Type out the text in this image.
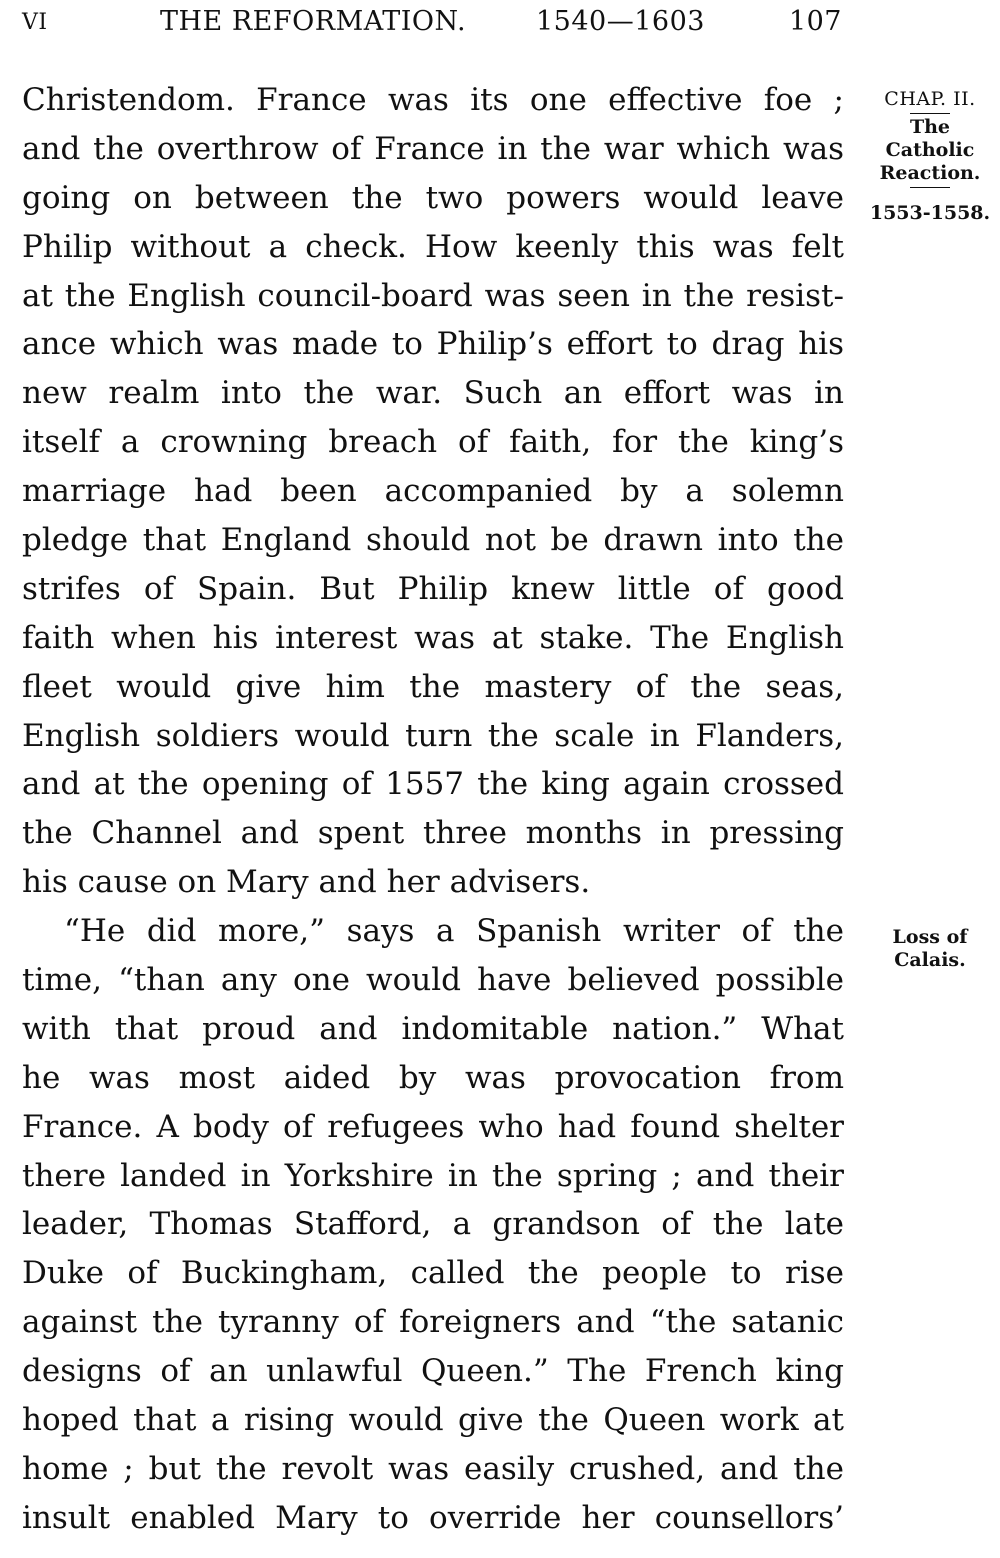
VI	THE REFORMATION.	1540—1603	107
Christendom. France was its one effective foe ;
and the overthrow of France in the war which was
going on between the two powers would leave
Philip without a check. How keenly this was felt
at the English council-board was seen in the resist-
ance which was made to Philip’s effort to drag his
new realm into the war. Such an effort was in
itself a crowning breach of faith, for the king’s
marriage had been accompanied by a solemn
pledge that England should not be drawn into the
strifes of Spain. But Philip knew little of good
faith when his interest was at stake. The English
fleet would give him the mastery of the seas,
English soldiers would turn the scale in Flanders,
and at the opening of 1557 the king again crossed
the Channel and spent three months in pressing
his cause on Mary and her advisers.
“He did more,” says a Spanish writer of the
time, “than any one would have believed possible
with that proud and indomitable nation.” What
he was most aided by was provocation from
France. A body of refugees who had found shelter
there landed in Yorkshire in the spring ; and their
leader, Thomas Stafford, a grandson of the late
Duke of Buckingham, called the people to rise
against the tyranny of foreigners and “the satanic
designs of an unlawful Queen.” The French king
hoped that a rising would give the Queen work at
home ; but the revolt was easily crushed, and the
insult enabled Mary to override her counsellors’
CHAP. II.
The
Catholic
Reaction.
1553-1558.
Loss of
Calais.
